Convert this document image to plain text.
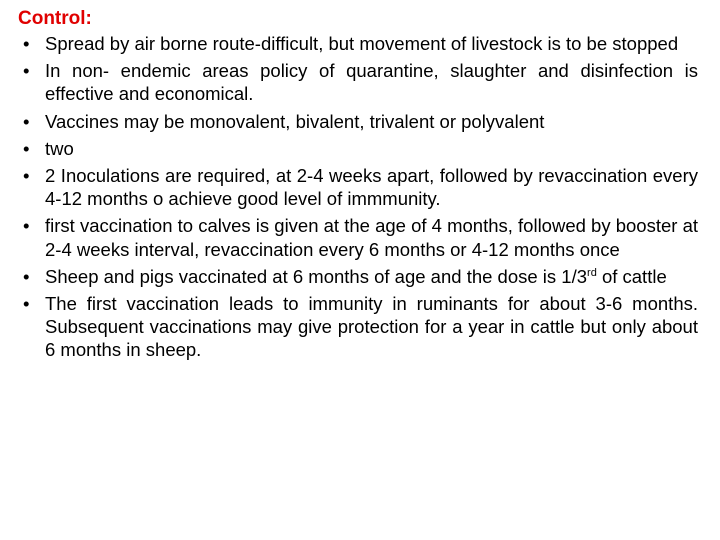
Control:
• Spread by air borne route-difficult, but movement of livestock is to be stopped
• In non- endemic areas policy of quarantine, slaughter and disinfection is effective and economical.
• Vaccines may be monovalent, bivalent, trivalent or polyvalent
• two
• 2 Inoculations are required, at 2-4 weeks apart, followed by revaccination every 4-12 months o achieve good level of immmunity.
• first vaccination to calves is given at the age of 4 months, followed by booster at 2-4 weeks interval, revaccination every 6 months or 4-12 months once
• Sheep and pigs vaccinated at 6 months of age and the dose is 1/3rd of cattle
• The first vaccination leads to immunity in ruminants for about 3-6 months. Subsequent vaccinations may give protection for a year in cattle but only about 6 months in sheep.
